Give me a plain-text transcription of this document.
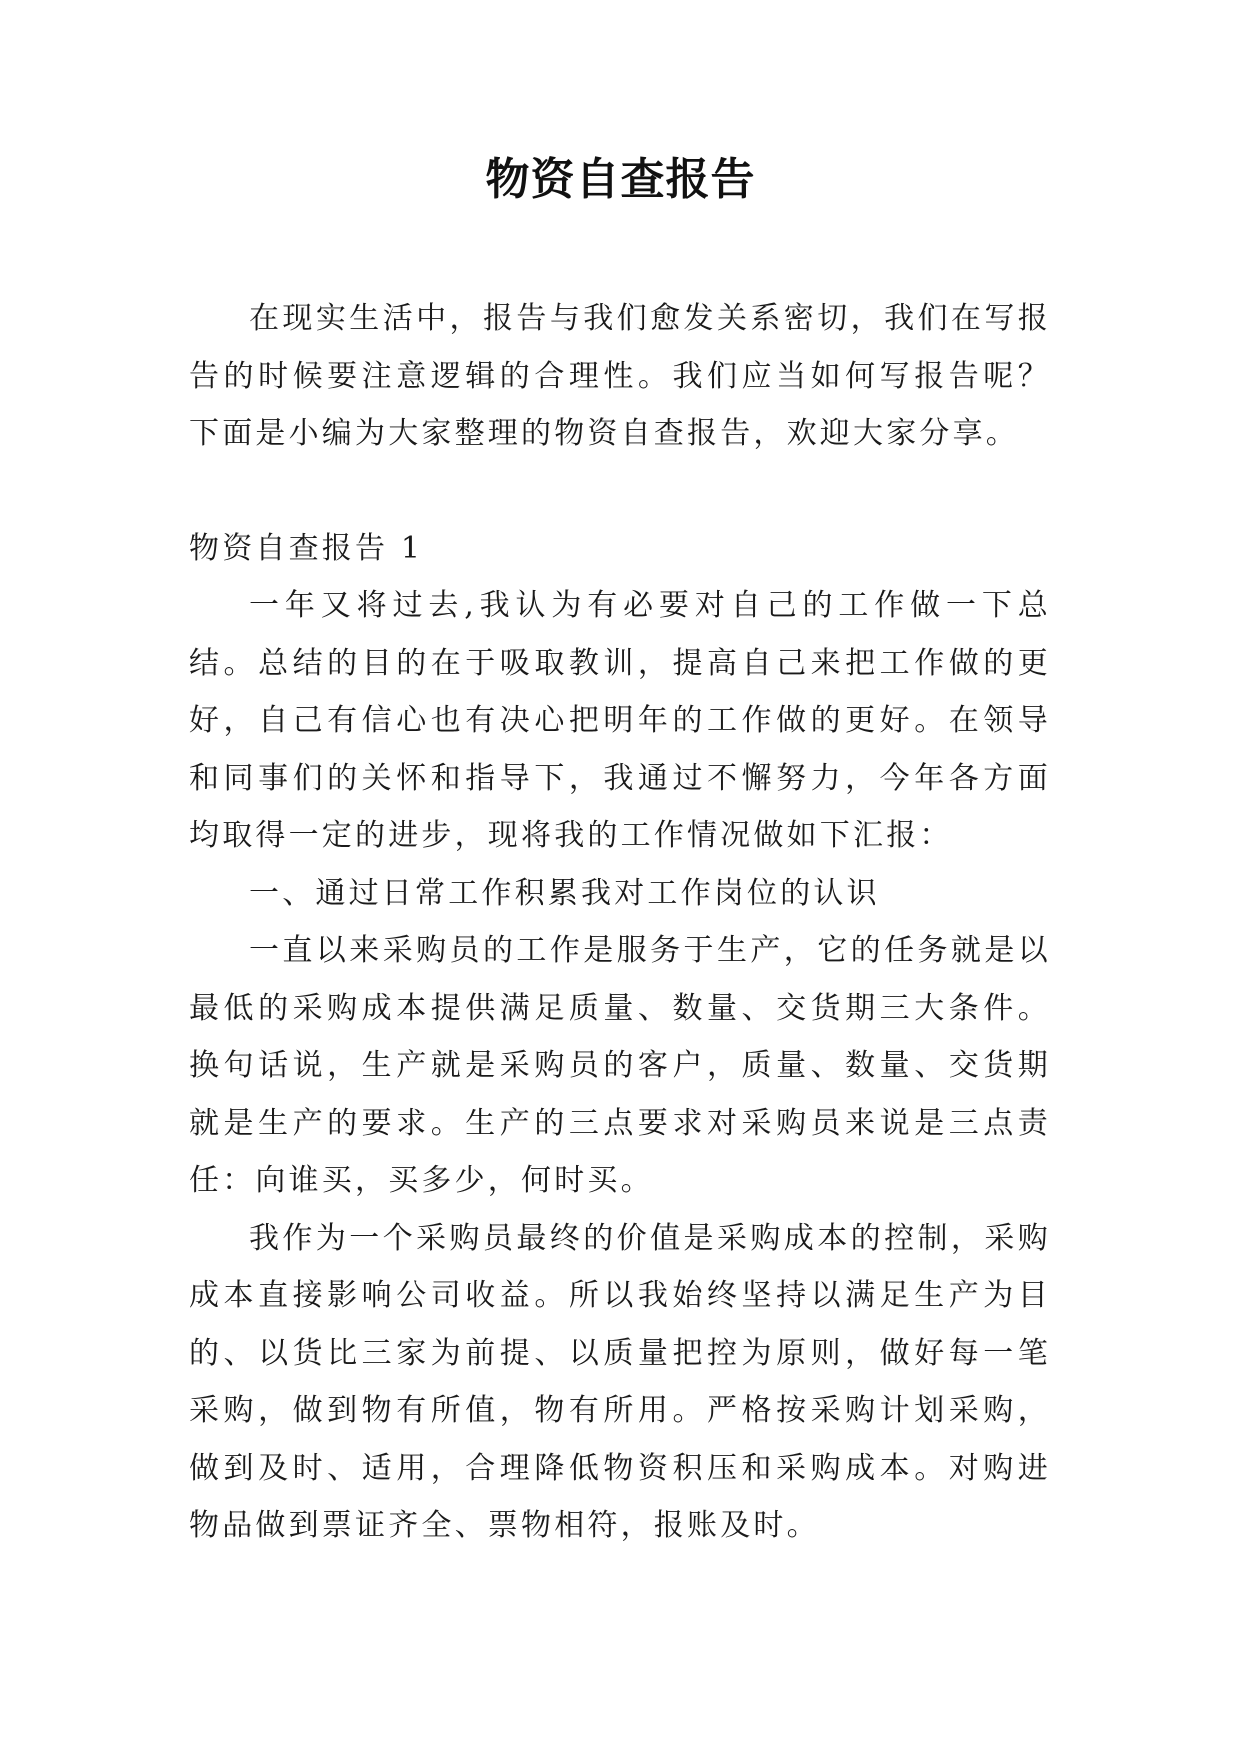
物资自查报告

在现实生活中，报告与我们愈发关系密切，我们在写报告的时候要注意逻辑的合理性。我们应当如何写报告呢？下面是小编为大家整理的物资自查报告，欢迎大家分享。

物资自查报告 1

一年又将过去,我认为有必要对自己的工作做一下总结。总结的目的在于吸取教训，提高自己来把工作做的更好，自己有信心也有决心把明年的工作做的更好。在领导和同事们的关怀和指导下，我通过不懈努力，今年各方面均取得一定的进步，现将我的工作情况做如下汇报：

一、通过日常工作积累我对工作岗位的认识

一直以来采购员的工作是服务于生产，它的任务就是以最低的采购成本提供满足质量、数量、交货期三大条件。换句话说，生产就是采购员的客户，质量、数量、交货期就是生产的要求。生产的三点要求对采购员来说是三点责任：向谁买，买多少，何时买。

我作为一个采购员最终的价值是采购成本的控制，采购成本直接影响公司收益。所以我始终坚持以满足生产为目的、以货比三家为前提、以质量把控为原则，做好每一笔采购，做到物有所值，物有所用。严格按采购计划采购，做到及时、适用，合理降低物资积压和采购成本。对购进物品做到票证齐全、票物相符，报账及时。
